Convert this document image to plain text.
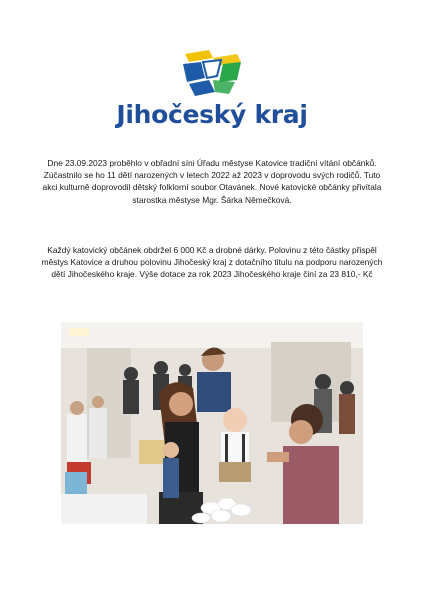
Jihočeský kraj

Dne 23.09.2023 proběhlo v obřadní síni Úřadu městyse Katovice tradiční vítání občánků. Zúčastnilo se ho 11 dětí narozených v letech 2022 až 2023 v doprovodu svých rodičů. Tuto akci kulturně doprovodil dětský folklorní soubor Otavánek. Nové katovické občánky přivítala starostka městyse Mgr. Šárka Němečková.

Každý katovický občánek obdržel 6 000 Kč a drobné dárky. Polovinu z této částky přispěl městys Katovice a druhou polovinu Jihočeský kraj z dotačního titulu na podporu narozených dětí Jihočeského kraje. Výše dotace za rok 2023 Jihočeského kraje činí za 23 810,- Kč
